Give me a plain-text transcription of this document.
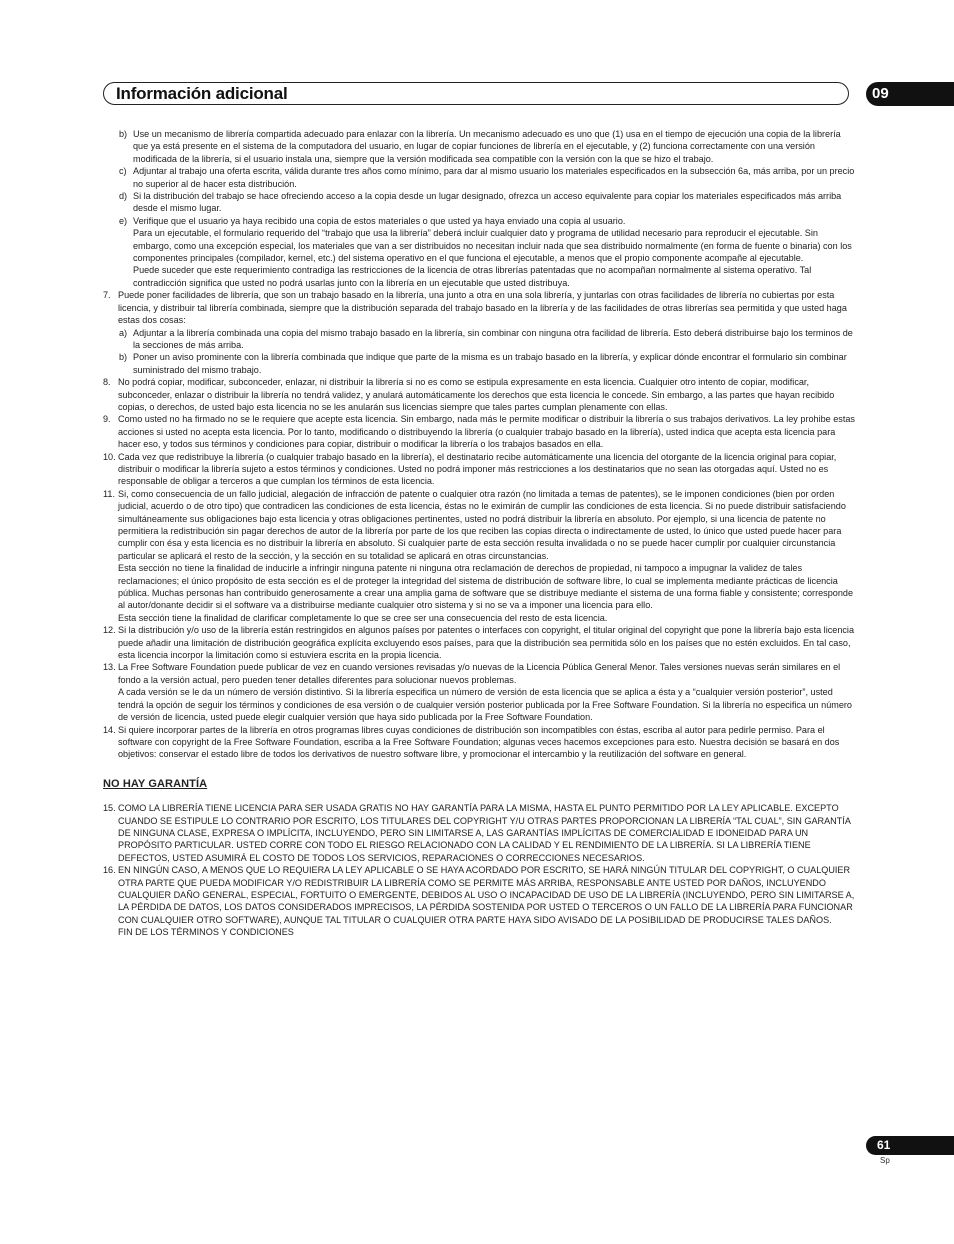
Información adicional	09
b) Use un mecanismo de librería compartida adecuado para enlazar con la librería. Un mecanismo adecuado es uno que (1) usa en el tiempo de ejecución una copia de la librería que ya está presente en el sistema de la computadora del usuario, en lugar de copiar funciones de librería en el ejecutable, y (2) funciona correctamente con una versión modificada de la librería, si el usuario instala una, siempre que la versión modificada sea compatible con la versión con la que se hizo el trabajo.

c) Adjuntar al trabajo una oferta escrita, válida durante tres años como mínimo, para dar al mismo usuario los materiales especificados en la subsección 6a, más arriba, por un precio no superior al de hacer esta distribución.

d) Si la distribución del trabajo se hace ofreciendo acceso a la copia desde un lugar designado, ofrezca un acceso equivalente para copiar los materiales especificados más arriba desde el mismo lugar.

e) Verifique que el usuario ya haya recibido una copia de estos materiales o que usted ya haya enviado una copia al usuario.

Para un ejecutable, el formulario requerido del “trabajo que usa la librería” deberá incluir cualquier dato y programa de utilidad necesario para reproducir el ejecutable. Sin embargo, como una excepción especial, los materiales que van a ser distribuidos no necesitan incluir nada que sea distribuido normalmente (en forma de fuente o binaria) con los componentes principales (compilador, kernel, etc.) del sistema operativo en el que funciona el ejecutable, a menos que el propio componente acompañe al ejecutable.

Puede suceder que este requerimiento contradiga las restricciones de la licencia de otras librerías patentadas que no acompañan normalmente al sistema operativo. Tal contradicción significa que usted no podrá usarlas junto con la librería en un ejecutable que usted distribuya.

7. Puede poner facilidades de librería, que son un trabajo basado en la librería, una junto a otra en una sola librería, y juntarlas con otras facilidades de librería no cubiertas por esta licencia, y distribuir tal librería combinada, siempre que la distribución separada del trabajo basado en la librería y de las facilidades de otras librerías sea permitida y que usted haga estas dos cosas:

a) Adjuntar a la librería combinada una copia del mismo trabajo basado en la librería, sin combinar con ninguna otra facilidad de librería. Esto deberá distribuirse bajo los terminos de la secciones de más arriba.

b) Poner un aviso prominente con la librería combinada que indique que parte de la misma es un trabajo basado en la librería, y explicar dónde encontrar el formulario sin combinar suministrado del mismo trabajo.

8. No podrá copiar, modificar, subconceder, enlazar, ni distribuir la librería si no es como se estipula expresamente en esta licencia. Cualquier otro intento de copiar, modificar, subconceder, enlazar o distribuir la librería no tendrá validez, y anulará automáticamente los derechos que esta licencia le concede. Sin embargo, a las partes que hayan recibido copias, o derechos, de usted bajo esta licencia no se les anularán sus licencias siempre que tales partes cumplan plenamente con ellas.

9. Como usted no ha firmado no se le requiere que acepte esta licencia. Sin embargo, nada más le permite modificar o distribuir la librería o sus trabajos derivativos. La ley prohibe estas acciones si usted no acepta esta licencia. Por lo tanto, modificando o distribuyendo la librería (o cualquier trabajo basado en la librería), usted indica que acepta esta licencia para hacer eso, y todos sus términos y condiciones para copiar, distribuir o modificar la librería o los trabajos basados en ella.

10. Cada vez que redistribuye la librería (o cualquier trabajo basado en la librería), el destinatario recibe automáticamente una licencia del otorgante de la licencia original para copiar, distribuir o modificar la librería sujeto a estos términos y condiciones. Usted no podrá imponer más restricciones a los destinatarios que no sean las otorgadas aquí. Usted no es responsable de obligar a terceros a que cumplan los términos de esta licencia.

11. Si, como consecuencia de un fallo judicial, alegación de infracción de patente o cualquier otra razón (no limitada a temas de patentes), se le imponen condiciones (bien por orden judicial, acuerdo o de otro tipo) que contradicen las condiciones de esta licencia, éstas no le eximirán de cumplir las condiciones de esta licencia. Si no puede distribuir satisfaciendo simultáneamente sus obligaciones bajo esta licencia y otras obligaciones pertinentes, usted no podrá distribuir la librería en absoluto. Por ejemplo, si una licencia de patente no permitiera la redistribución sin pagar derechos de autor de la librería por parte de los que reciben las copias directa o indirectamente de usted, lo único que usted puede hacer para cumplir con ésa y esta licencia es no distribuir la librería en absoluto. Si cualquier parte de esta sección resulta invalidada o no se puede hacer cumplir por cualquier circunstancia particular se aplicará el resto de la sección, y la sección en su totalidad se aplicará en otras circunstancias.

Esta sección no tiene la finalidad de inducirle a infringir ninguna patente ni ninguna otra reclamación de derechos de propiedad, ni tampoco a impugnar la validez de tales reclamaciones; el único propósito de esta sección es el de proteger la integridad del sistema de distribución de software libre, lo cual se implementa mediante prácticas de licencia pública. Muchas personas han contribuido generosamente a crear una amplia gama de software que se distribuye mediante el sistema de una forma fiable y consistente; corresponde al autor/donante decidir si el software va a distribuirse mediante cualquier otro sistema y si no se va a imponer una licencia para ello.

Esta sección tiene la finalidad de clarificar completamente lo que se cree ser una consecuencia del resto de esta licencia.

12. Si la distribución y/o uso de la librería están restringidos en algunos países por patentes o interfaces con copyright, el titular original del copyright que pone la librería bajo esta licencia puede añadir una limitación de distribución geográfica explícita excluyendo esos países, para que la distribución sea permitida sólo en los países que no estén excluidos. En tal caso, esta licencia incorpor la limitación como si estuviera escrita en la propia licencia.

13. La Free Software Foundation puede publicar de vez en cuando versiones revisadas y/o nuevas de la Licencia Pública General Menor. Tales versiones nuevas serán similares en el fondo a la versión actual, pero pueden tener detalles diferentes para solucionar nuevos problemas.

A cada versión se le da un número de versión distintivo. Si la librería especifica un número de versión de esta licencia que se aplica a ésta y a “cualquier versión posterior”, usted tendrá la opción de seguir los términos y condiciones de esa versión o de cualquier versión posterior publicada por la Free Software Foundation. Si la librería no especifica un número de versión de licencia, usted puede elegir cualquier versión que haya sido publicada por la Free Software Foundation.

14. Si quiere incorporar partes de la librería en otros programas libres cuyas condiciones de distribución son incompatibles con éstas, escriba al autor para pedirle permiso. Para el software con copyright de la Free Software Foundation, escriba a la Free Software Foundation; algunas veces hacemos excepciones para esto. Nuestra decisión se basará en dos objetivos: conservar el estado libre de todos los derivativos de nuestro software libre, y promocionar el intercambio y la reutilización del software en general.

NO HAY GARANTÍA
15. COMO LA LIBRERÍA TIENE LICENCIA PARA SER USADA GRATIS NO HAY GARANTÍA PARA LA MISMA, HASTA EL PUNTO PERMITIDO POR LA LEY APLICABLE. EXCEPTO CUANDO SE ESTIPULE LO CONTRARIO POR ESCRITO, LOS TITULARES DEL COPYRIGHT Y/U OTRAS PARTES PROPORCIONAN LA LIBRERÍA “TAL CUAL”, SIN GARANTÍA DE NINGUNA CLASE, EXPRESA O IMPLÍCITA, INCLUYENDO, PERO SIN LIMITARSE A, LAS GARANTÍAS IMPLÍCITAS DE COMERCIALIDAD E IDONEIDAD PARA UN PROPÓSITO PARTICULAR. USTED CORRE CON TODO EL RIESGO RELACIONADO CON LA CALIDAD Y EL RENDIMIENTO DE LA LIBRERÍA. SI LA LIBRERÍA TIENE DEFECTOS, USTED ASUMIRÁ EL COSTO DE TODOS LOS SERVICIOS, REPARACIONES O CORRECCIONES NECESARIOS.

16. EN NINGÚN CASO, A MENOS QUE LO REQUIERA LA LEY APLICABLE O SE HAYA ACORDADO POR ESCRITO, SE HARÁ NINGÚN TITULAR DEL COPYRIGHT, O CUALQUIER OTRA PARTE QUE PUEDA MODIFICAR Y/O REDISTRIBUIR LA LIBRERÍA COMO SE PERMITE MÁS ARRIBA, RESPONSABLE ANTE USTED POR DAÑOS, INCLUYENDO CUALQUIER DAÑO GENERAL, ESPECIAL, FORTUITO O EMERGENTE, DEBIDOS AL USO O INCAPACIDAD DE USO DE LA LIBRERÍA (INCLUYENDO, PERO SIN LIMITARSE A, LA PÉRDIDA DE DATOS, LOS DATOS CONSIDERADOS IMPRECISOS, LA PÉRDIDA SOSTENIDA POR USTED O TERCEROS O UN FALLO DE LA LIBRERÍA PARA FUNCIONAR CON CUALQUIER OTRO SOFTWARE), AUNQUE TAL TITULAR O CUALQUIER OTRA PARTE HAYA SIDO AVISADO DE LA POSIBILIDAD DE PRODUCIRSE TALES DAÑOS.

FIN DE LOS TÉRMINOS Y CONDICIONES

61
Sp
